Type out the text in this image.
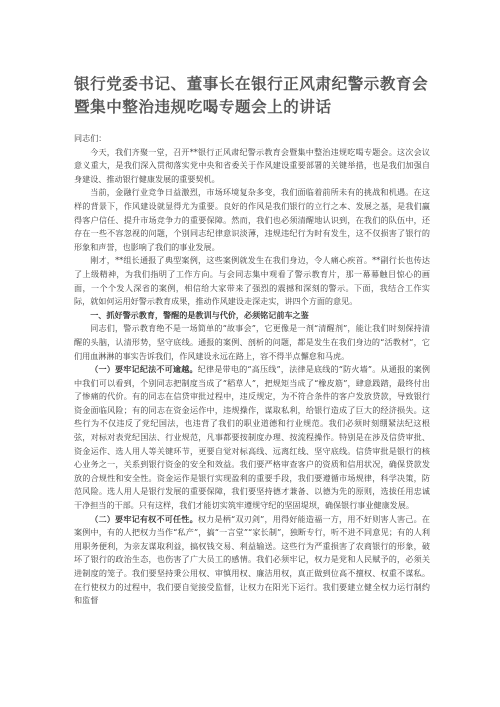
银行党委书记、董事长在银行正风肃纪警示教育会暨集中整治违规吃喝专题会上的讲话

同志们：

今天，我们齐聚一堂，召开**银行正风肃纪警示教育会暨集中整治违规吃喝专题会。这次会议意义重大，是我们深入贯彻落实党中央和省委关于作风建设重要部署的关键举措，也是我们加强自身建设、推动银行健康发展的重要契机。

当前，金融行业竞争日益激烈，市场环境复杂多变，我们面临着前所未有的挑战和机遇。在这样的背景下，作风建设就显得尤为重要。良好的作风是我们银行的立行之本、发展之基，是我们赢得客户信任、提升市场竞争力的重要保障。然而，我们也必须清醒地认识到，在我们的队伍中，还存在一些不容忽视的问题，个别同志纪律意识淡薄，违规违纪行为时有发生，这不仅损害了银行的形象和声誉，也影响了我们的事业发展。

刚才，**组长通报了典型案例，这些案例就发生在我们身边，令人痛心疾首。**副行长也传达了上级精神，为我们指明了工作方向。与会同志集中观看了警示教育片，那一幕幕触目惊心的画面，一个个发人深省的案例，相信给大家带来了强烈的震撼和深刻的警示。下面，我结合工作实际，就如何运用好警示教育成果，推动作风建设走深走实，讲四个方面的意见。

一、抓好警示教育，警醒的是教训与代价，必须铭记前车之鉴

同志们，警示教育绝不是一场简单的“故事会”，它更像是一剂“清醒剂”，能让我们时刻保持清醒的头脑，认清形势，坚守底线。通报的案例、剖析的问题，都是发生在我们身边的“活教材”，它们用血淋淋的事实告诉我们，作风建设永远在路上，容不得半点懈怠和马虎。

（一）要牢记纪法不可逾越。纪律是带电的“高压线”，法律是底线的“防火墙”。从通报的案例中我们可以看到，个别同志把制度当成了“稻草人”，把规矩当成了“橡皮筋”，肆意践踏，最终付出了惨痛的代价。有的同志在信贷审批过程中，违反规定，为不符合条件的客户发放贷款，导致银行资金面临风险；有的同志在资金运作中，违规操作，谋取私利，给银行造成了巨大的经济损失。这些行为不仅违反了党纪国法，也违背了我们的职业道德和行业规范。我们必须时刻绷紧法纪这根弦，对标对表党纪国法、行业规范，凡事都要按制度办理、按流程操作。特别是在涉及信贷审批、资金运作、选人用人等关键环节，更要自觉对标高线、远离红线、坚守底线。信贷审批是银行的核心业务之一，关系到银行资金的安全和效益。我们要严格审查客户的资质和信用状况，确保贷款发放的合规性和安全性。资金运作是银行实现盈利的重要手段，我们要遵循市场规律，科学决策，防范风险。选人用人是银行发展的重要保障，我们要坚持德才兼备、以德为先的原则，选拔任用忠诚干净担当的干部。只有这样，我们才能切实筑牢遵规守纪的坚固堤坝，确保银行事业健康发展。

（二）要牢记有权不可任性。权力是柄“双刃剑”，用得好能造福一方，用不好则害人害己。在案例中，有的人把权力当作“私产”，搞“一言堂”“家长制”，独断专行，听不进不同意见；有的人利用职务便利，为亲友谋取利益，搞权钱交易、利益输送。这些行为严重损害了农商银行的形象，破坏了银行的政治生态，也伤害了广大员工的感情。我们必须牢记，权力是党和人民赋予的，必须关进制度的笼子。我们要坚持秉公用权、审慎用权、廉洁用权，真正做到位高不擅权、权重不谋私。在行使权力的过程中，我们要自觉接受监督，让权力在阳光下运行。我们要建立健全权力运行制约和监督
